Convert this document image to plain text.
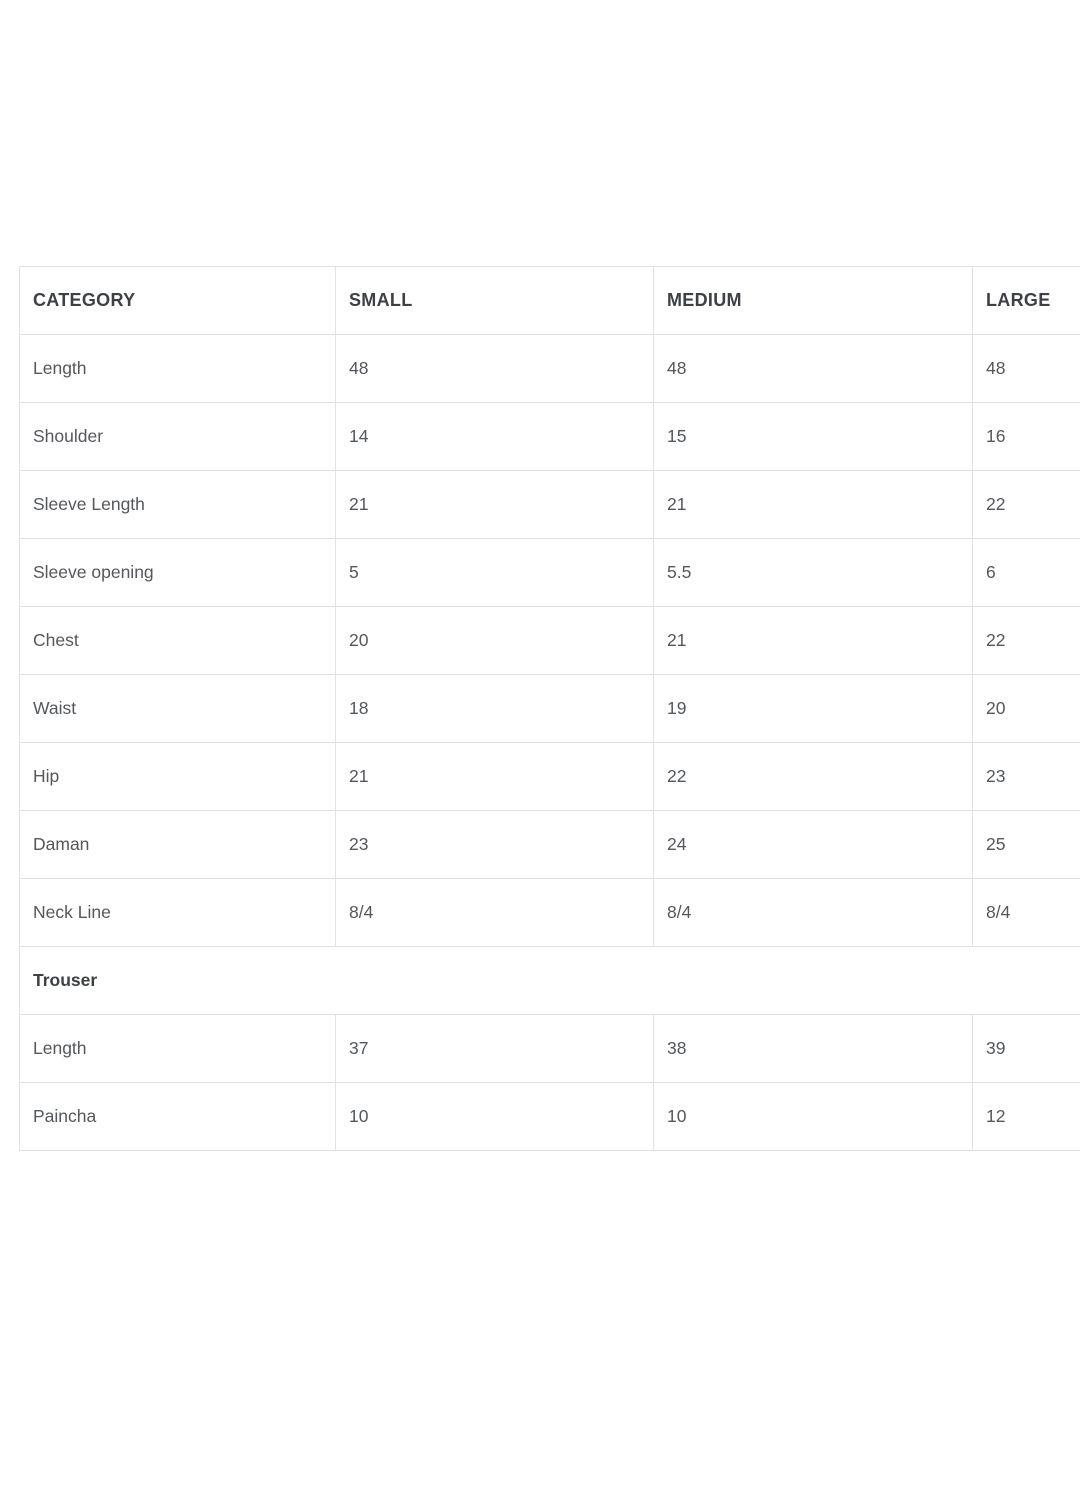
CATEGORY	SMALL	MEDIUM	LARGE
Length	48	48	48
Shoulder	14	15	16
Sleeve Length	21	21	22
Sleeve opening	5	5.5	6
Chest	20	21	22
Waist	18	19	20
Hip	21	22	23
Daman	23	24	25
Neck Line	8/4	8/4	8/4
Trouser			
Length	37	38	39
Paincha	10	10	12
